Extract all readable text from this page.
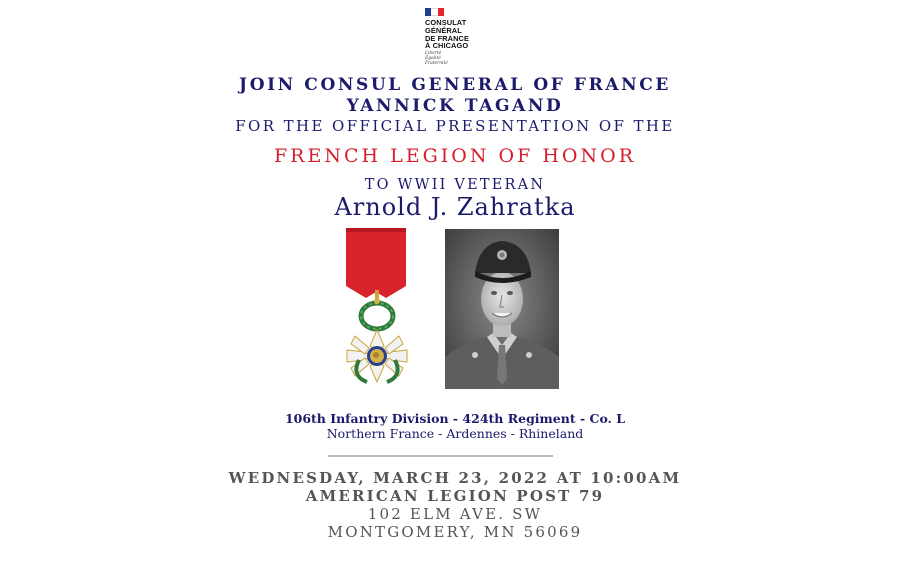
CONSULAT
GÉNÉRAL
DE FRANCE
À CHICAGO
Liberté
Égalité
Fraternité
JOIN CONSUL GENERAL OF FRANCE
YANNICK TAGAND
FOR THE OFFICIAL PRESENTATION OF THE
FRENCH LEGION OF HONOR
TO WWII VETERAN
Arnold J. Zahratka
106th Infantry Division - 424th Regiment - Co. L
Northern France - Ardennes - Rhineland
WEDNESDAY, MARCH 23, 2022 AT 10:00AM
AMERICAN LEGION POST 79
102 ELM AVE. SW
MONTGOMERY, MN 56069
